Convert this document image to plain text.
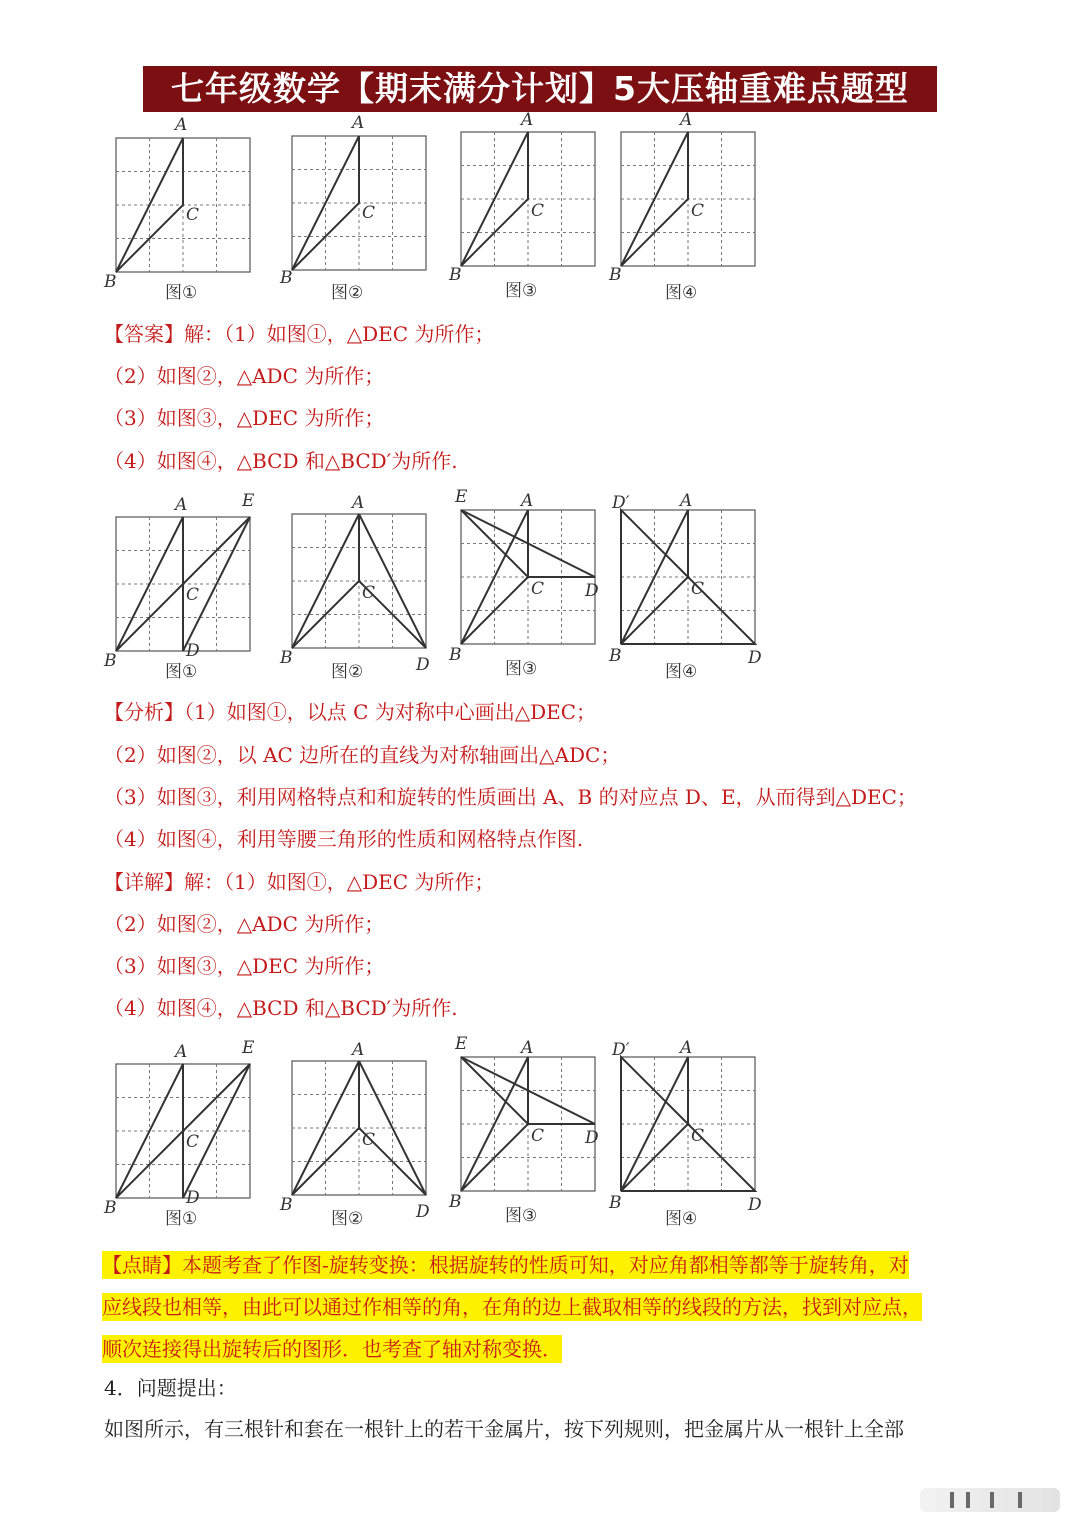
七年级数学【期末满分计划】5大压轴重难点题型
A
C
B
A
C
B
A
C
B
A
C
B
图①	图②	图③	图④
【答案】解：（1）如图①，△DEC 为所作；
（2）如图②，△ADC 为所作；
（3）如图③，△DEC 为所作；
（4）如图④，△BCD 和△BCD′为所作.
A	E
C
D
B
A
C
B	D
E	A
C D
B
D′	A
C
B	D
图①	图②	图③	图④
【分析】（1）如图①，以点 C 为对称中心画出△DEC；
（2）如图②，以 AC 边所在的直线为对称轴画出△ADC；
（3）如图③，利用网格特点和和旋转的性质画出 A、B 的对应点 D、E，从而得到△DEC；
（4）如图④，利用等腰三角形的性质和网格特点作图.
【详解】解：（1）如图①，△DEC 为所作；
（2）如图②，△ADC 为所作；
（3）如图③，△DEC 为所作；
（4）如图④，△BCD 和△BCD′为所作.
A	E
C
D
B
A
C
B	D
E	A
C D
B
D′	A
C
B	D
图①	图②	图③	图④
【点睛】本题考查了作图-旋转变换：根据旋转的性质可知，对应角都相等都等于旋转角，对
应线段也相等，由此可以通过作相等的角，在角的边上截取相等的线段的方法，找到对应点，
顺次连接得出旋转后的图形．也考查了轴对称变换．
4．问题提出：
如图所示，有三根针和套在一根针上的若干金属片，按下列规则，把金属片从一根针上全部
